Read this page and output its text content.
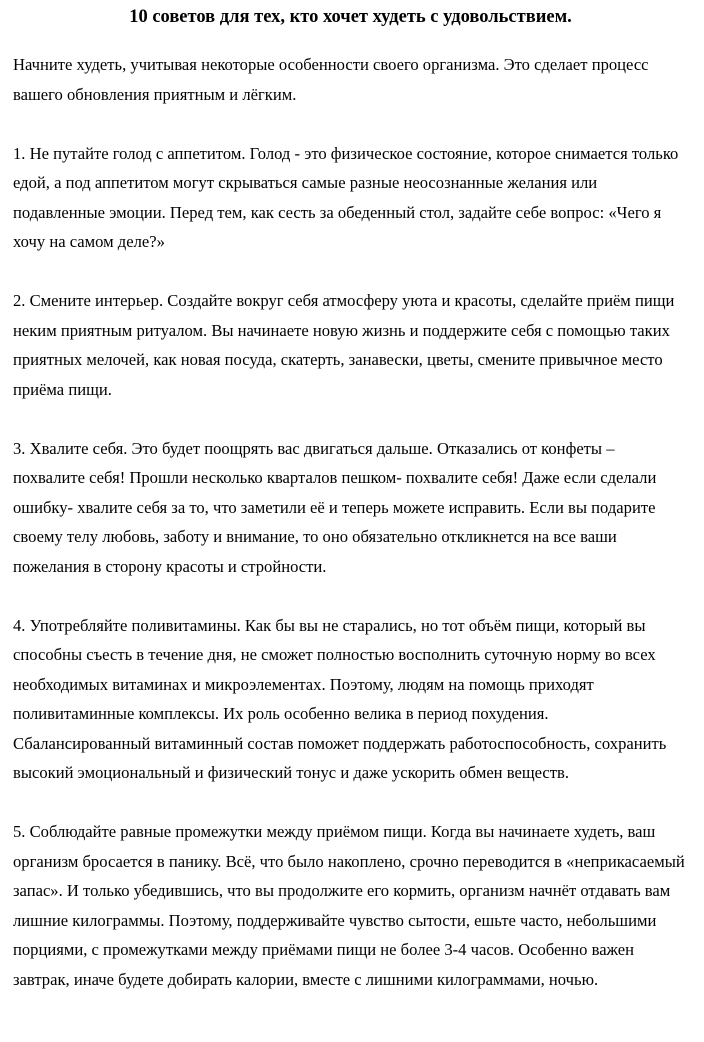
10 советов для тех, кто хочет худеть с удовольствием.

Начните худеть, учитывая некоторые особенности своего организма. Это сделает процесс вашего обновления приятным и лёгким.

1. Не путайте голод с аппетитом. Голод - это физическое состояние, которое снимается только едой, а под аппетитом могут скрываться самые разные неосознанные желания или подавленные эмоции. Перед тем, как сесть за обеденный стол, задайте себе вопрос: «Чего я хочу на самом деле?»

2. Смените интерьер. Создайте вокруг себя атмосферу уюта и красоты, сделайте приём пищи неким приятным ритуалом. Вы начинаете новую жизнь и поддержите себя с помощью таких приятных мелочей, как новая посуда, скатерть, занавески, цветы, смените привычное место приёма пищи.

3. Хвалите себя. Это будет поощрять вас двигаться дальше. Отказались от конфеты – похвалите себя! Прошли несколько кварталов пешком- похвалите себя! Даже если сделали ошибку- хвалите себя за то, что заметили её и теперь можете исправить. Если вы подарите своему телу любовь, заботу и внимание, то оно обязательно откликнется на все ваши пожелания в сторону красоты и стройности.

4. Употребляйте поливитамины. Как бы вы не старались, но тот объём пищи, который вы способны съесть в течение дня, не сможет полностью восполнить суточную норму во всех необходимых витаминах и микроэлементах. Поэтому, людям на помощь приходят поливитаминные комплексы. Их роль особенно велика в период похудения. Сбалансированный витаминный состав поможет поддержать работоспособность, сохранить высокий эмоциональный и физический тонус и даже ускорить обмен веществ.

5. Соблюдайте равные промежутки между приёмом пищи. Когда вы начинаете худеть, ваш организм бросается в панику. Всё, что было накоплено, срочно переводится в «неприкасаемый запас». И только убедившись, что вы продолжите его кормить, организм начнёт отдавать вам лишние килограммы. Поэтому, поддерживайте чувство сытости, ешьте часто, небольшими порциями, с промежутками между приёмами пищи не более 3-4 часов. Особенно важен завтрак, иначе будете добирать калории, вместе с лишними килограммами, ночью.
